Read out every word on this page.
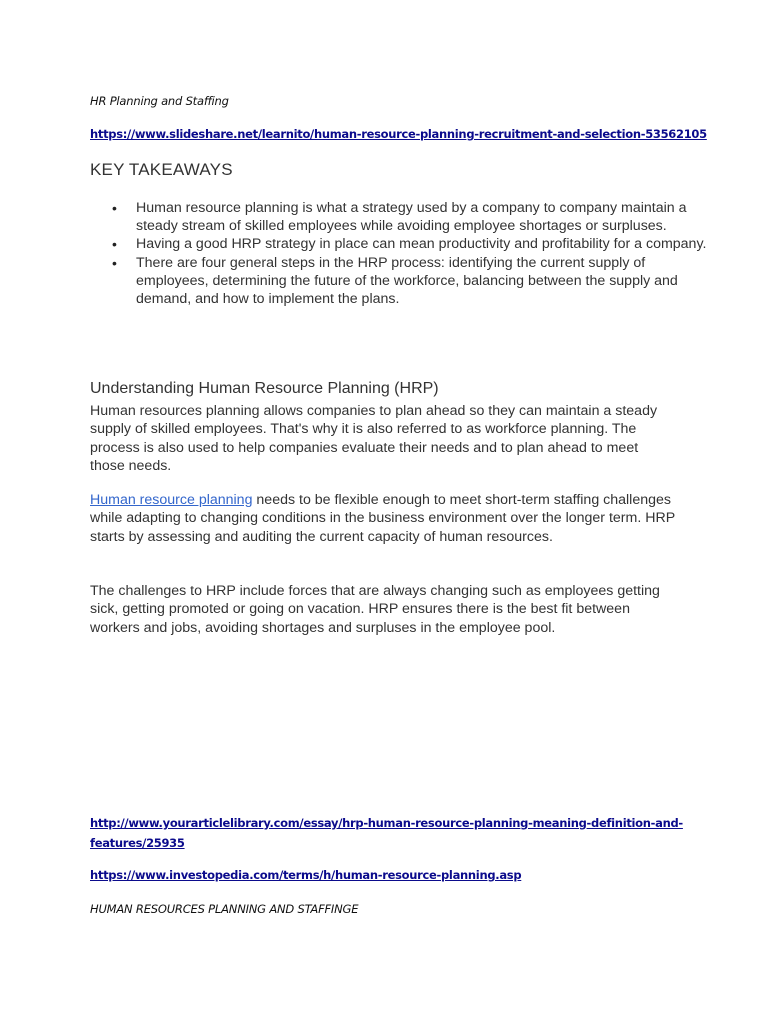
HR Planning and Staffing
https://www.slideshare.net/learnito/human-resource-planning-recruitment-and-selection-53562105
KEY TAKEAWAYS
• Human resource planning is what a strategy used by a company to company maintain a steady stream of skilled employees while avoiding employee shortages or surpluses.
• Having a good HRP strategy in place can mean productivity and profitability for a company.
• There are four general steps in the HRP process: identifying the current supply of employees, determining the future of the workforce, balancing between the supply and demand, and how to implement the plans.
Understanding Human Resource Planning (HRP)
Human resources planning allows companies to plan ahead so they can maintain a steady supply of skilled employees. That's why it is also referred to as workforce planning. The process is also used to help companies evaluate their needs and to plan ahead to meet those needs.
Human resource planning needs to be flexible enough to meet short-term staffing challenges while adapting to changing conditions in the business environment over the longer term. HRP starts by assessing and auditing the current capacity of human resources.
The challenges to HRP include forces that are always changing such as employees getting sick, getting promoted or going on vacation. HRP ensures there is the best fit between workers and jobs, avoiding shortages and surpluses in the employee pool.
http://www.yourarticlelibrary.com/essay/hrp-human-resource-planning-meaning-definition-and-
features/25935
https://www.investopedia.com/terms/h/human-resource-planning.asp
HUMAN RESOURCES PLANNING AND STAFFINGE
